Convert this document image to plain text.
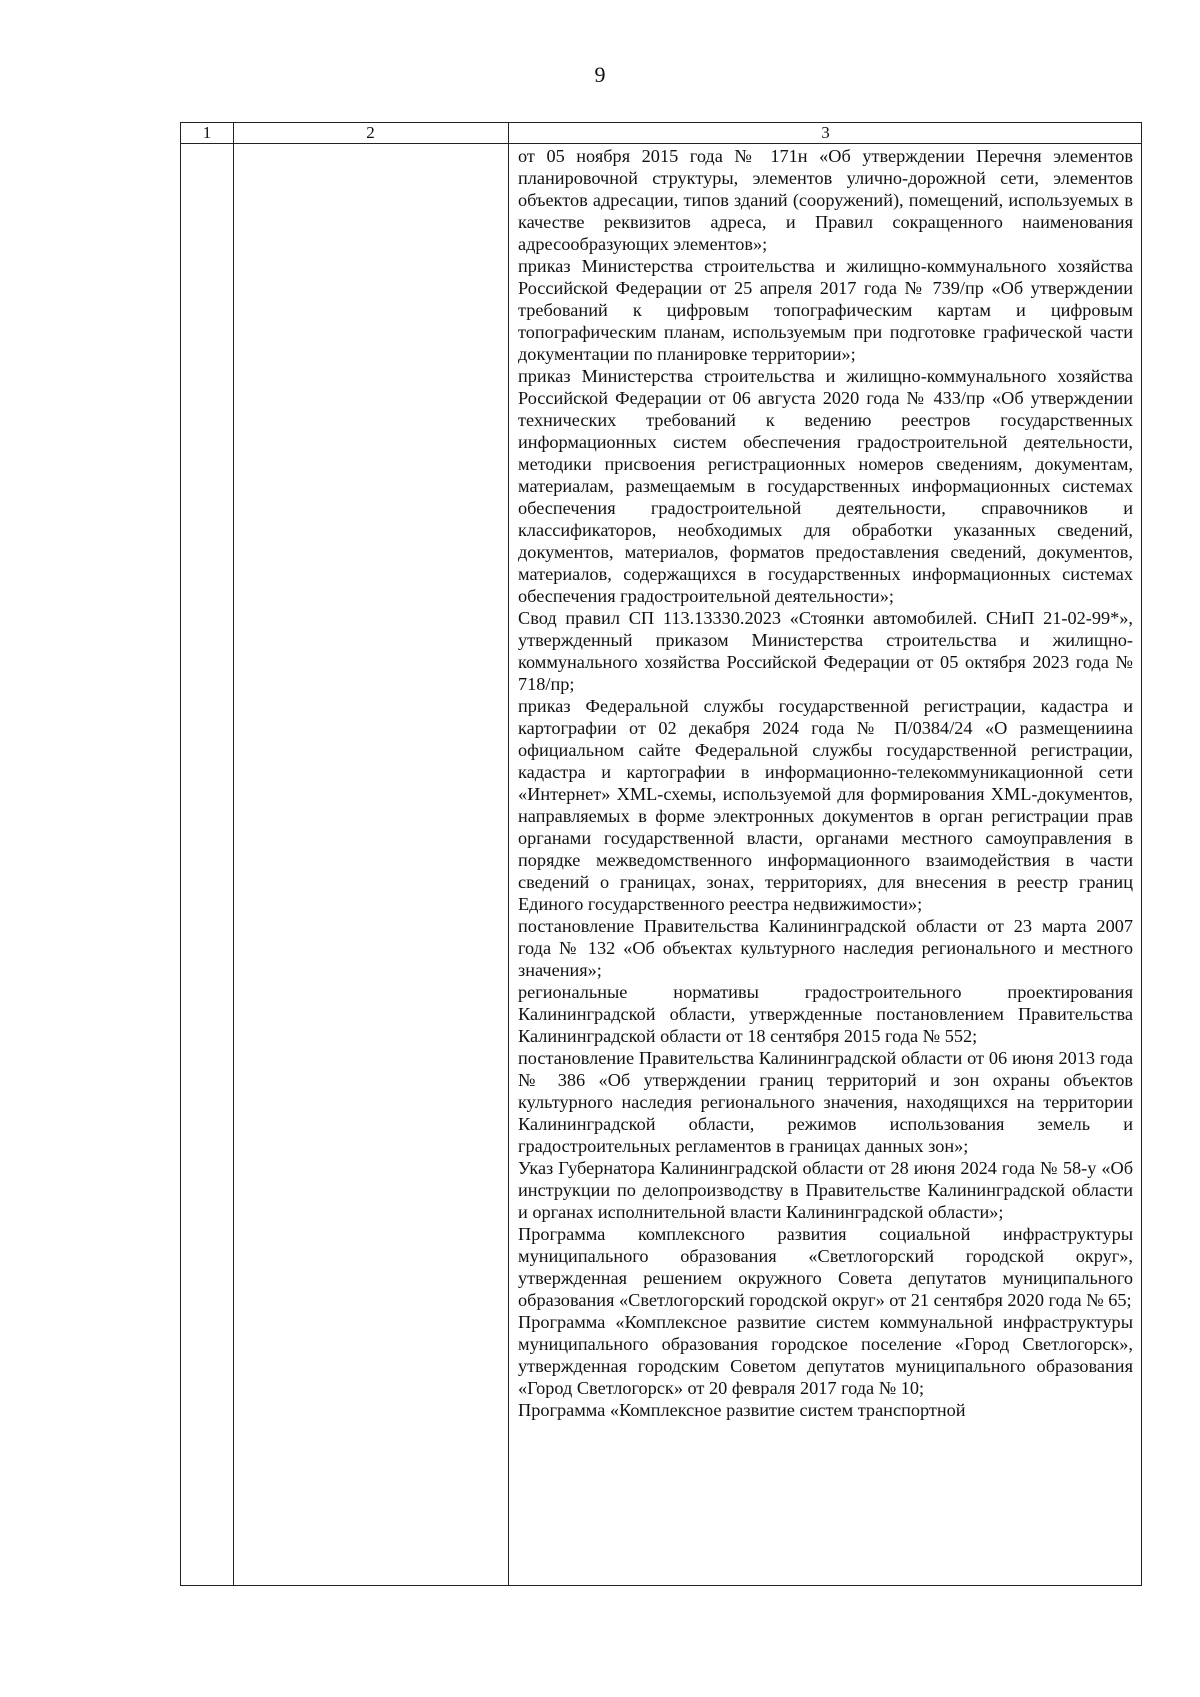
9
1	2	3

от 05 ноября 2015 года № 171н «Об утверждении Перечня элементов планировочной структуры, элементов улично-дорожной сети, элементов объектов адресации, типов зданий (сооружений), помещений, используемых в качестве реквизитов адреса, и Правил сокращенного наименования адресообразующих элементов»;

приказ Министерства строительства и жилищно-коммунального хозяйства Российской Федерации от 25 апреля 2017 года № 739/пр «Об утверждении требований к цифровым топографическим картам и цифровым топографическим планам, используемым при подготовке графической части документации по планировке территории»;

приказ Министерства строительства и жилищно-коммунального хозяйства Российской Федерации от 06 августа 2020 года № 433/пр «Об утверждении технических требований к ведению реестров государственных информационных систем обеспечения градостроительной деятельности, методики присвоения регистрационных номеров сведениям, документам, материалам, размещаемым в государственных информационных системах обеспечения градостроительной деятельности, справочников и классификаторов, необходимых для обработки указанных сведений, документов, материалов, форматов предоставления сведений, документов, материалов, содержащихся в государственных информационных системах обеспечения градостроительной деятельности»;

Свод правил СП 113.13330.2023 «Стоянки автомобилей. СНиП 21-02-99*», утвержденный приказом Министерства строительства и жилищно-коммунального хозяйства Российской Федерации от 05 октября 2023 года № 718/пр;

приказ Федеральной службы государственной регистрации, кадастра и картографии от 02 декабря 2024 года № П/0384/24 «О размещениина официальном сайте Федеральной службы государственной регистрации, кадастра и картографии в информационно-телекоммуникационной сети «Интернет» XML-схемы, используемой для формирования XML-документов, направляемых в форме электронных документов в орган регистрации прав органами государственной власти, органами местного самоуправления в порядке межведомственного информационного взаимодействия в части сведений о границах, зонах, территориях, для внесения в реестр границ Единого государственного реестра недвижимости»;

постановление Правительства Калининградской области от 23 марта 2007 года № 132 «Об объектах культурного наследия регионального и местного значения»;

региональные нормативы градостроительного проектирования Калининградской области, утвержденные постановлением Правительства Калининградской области от 18 сентября 2015 года № 552;

постановление Правительства Калининградской области от 06 июня 2013 года № 386 «Об утверждении границ территорий и зон охраны объектов культурного наследия регионального значения, находящихся на территории Калининградской области, режимов использования земель и градостроительных регламентов в границах данных зон»;

Указ Губернатора Калининградской области от 28 июня 2024 года № 58-у «Об инструкции по делопроизводству в Правительстве Калининградской области и органах исполнительной власти Калининградской области»;

Программа комплексного развития социальной инфраструктуры муниципального образования «Светлогорский городской округ», утвержденная решением окружного Совета депутатов муниципального образования «Светлогорский городской округ» от 21 сентября 2020 года № 65;

Программа «Комплексное развитие систем коммунальной инфраструктуры муниципального образования городское поселение «Город Светлогорск», утвержденная городским Советом депутатов муниципального образования «Город Светлогорск» от 20 февраля 2017 года № 10;

Программа «Комплексное развитие систем транспортной
